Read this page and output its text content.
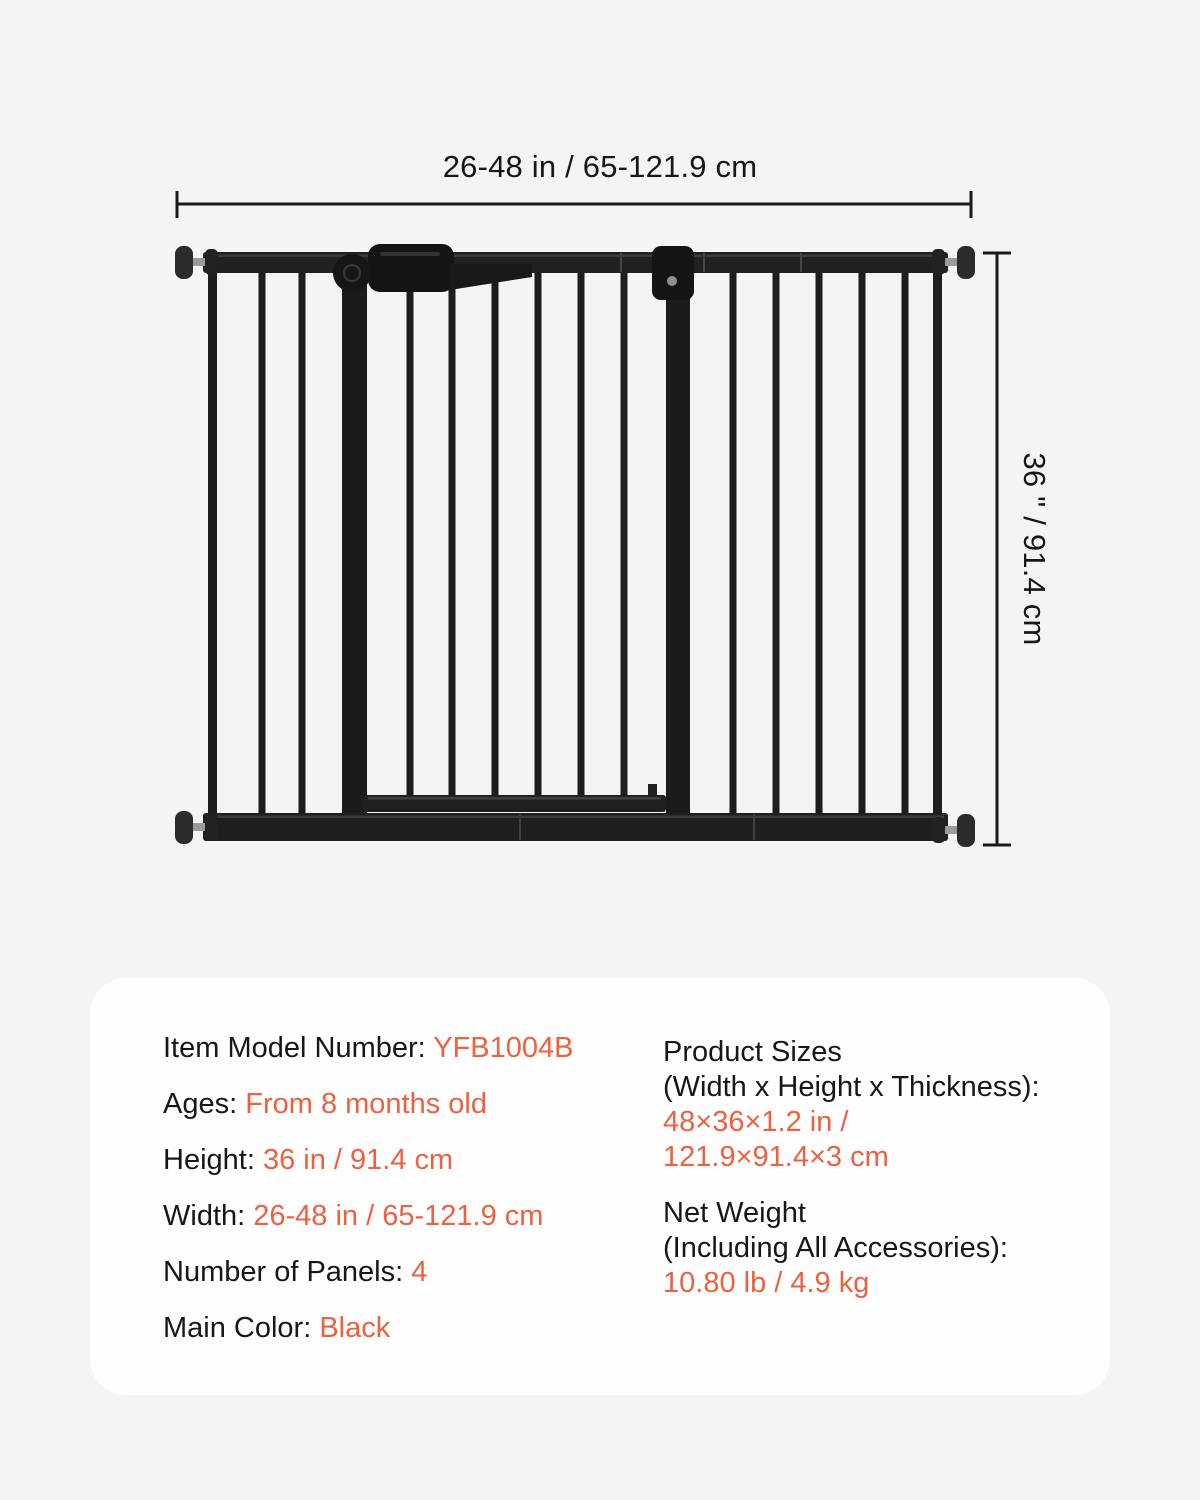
26-48 in / 65-121.9 cm
36 " / 91.4 cm
Item Model Number: YFB1004B
Ages: From 8 months old
Height: 36 in / 91.4 cm
Width: 26-48 in / 65-121.9 cm
Number of Panels: 4
Main Color: Black
Product Sizes
(Width x Height x Thickness):
48×36×1.2 in /
121.9×91.4×3 cm
Net Weight
(Including All Accessories):
10.80 lb / 4.9 kg
